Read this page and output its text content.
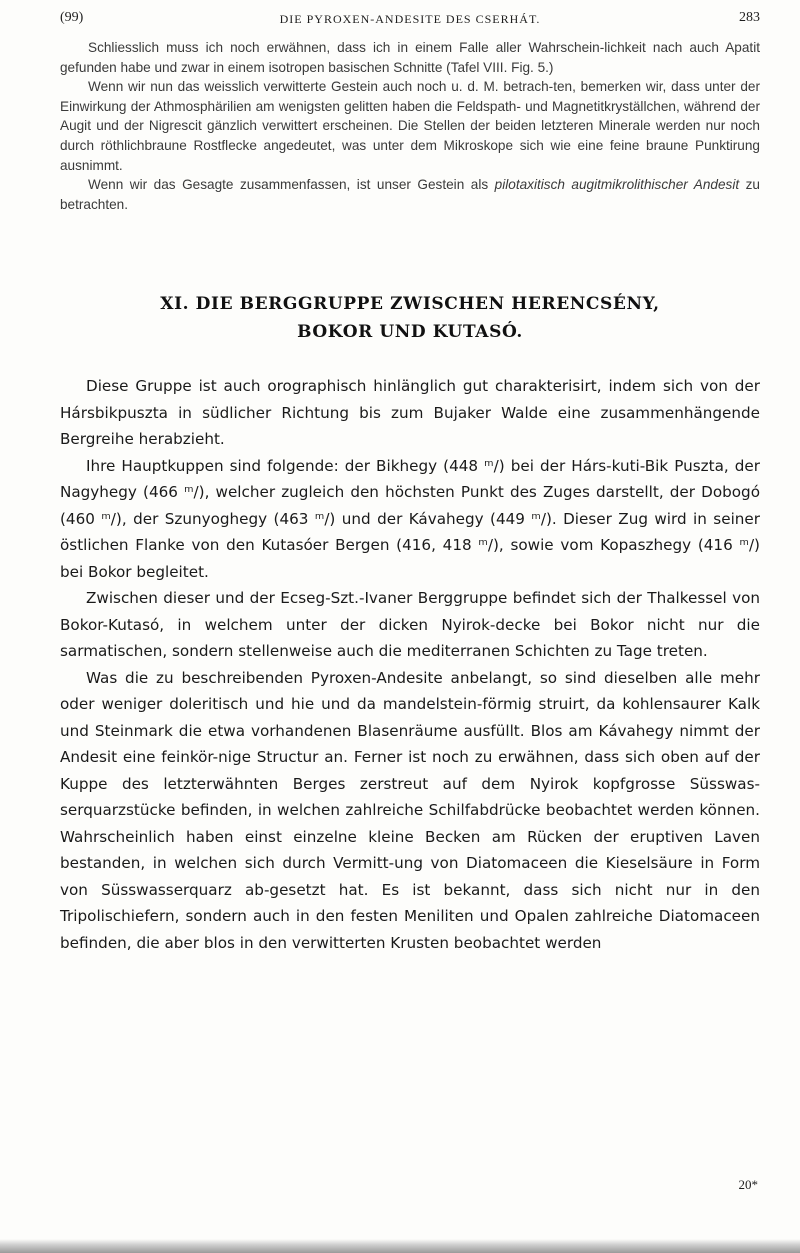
(99)	DIE PYROXEN-ANDESITE DES CSERHÁT.	283

Schliesslich muss ich noch erwähnen, dass ich in einem Falle aller Wahrschein-lichkeit nach auch Apatit gefunden habe und zwar in einem isotropen basischen Schnitte (Tafel VIII. Fig. 5.)

Wenn wir nun das weisslich verwitterte Gestein auch noch u. d. M. betrach-ten, bemerken wir, dass unter der Einwirkung der Athmosphärilien am wenigsten gelitten haben die Feldspath- und Magnetitkryställchen, während der Augit und der Nigrescit gänzlich verwittert erscheinen. Die Stellen der beiden letzteren Minerale werden nur noch durch röthlichbraune Rostflecke angedeutet, was unter dem Mikroskope sich wie eine feine braune Punktirung ausnimmt.

Wenn wir das Gesagte zusammenfassen, ist unser Gestein als pilotaxitisch augitmikrolithischer Andesit zu betrachten.

XI. DIE BERGGRUPPE ZWISCHEN HERENCSÉNY,
BOKOR UND KUTASÓ.

Diese Gruppe ist auch orographisch hinlänglich gut charakterisirt, indem sich von der Hársbikpuszta in südlicher Richtung bis zum Bujaker Walde eine zusammenhängende Bergreihe herabzieht.

Ihre Hauptkuppen sind folgende: der Bikhegy (448 ᵐ/) bei der Hárs-kuti-Bik Puszta, der Nagyhegy (466 ᵐ/), welcher zugleich den höchsten Punkt des Zuges darstellt, der Dobogó (460 ᵐ/), der Szunyoghegy (463 ᵐ/) und der Kávahegy (449 ᵐ/). Dieser Zug wird in seiner östlichen Flanke von den Kutasóer Bergen (416, 418 ᵐ/), sowie vom Kopaszhegy (416 ᵐ/) bei Bokor begleitet.

Zwischen dieser und der Ecseg-Szt.-Ivaner Berggruppe befindet sich der Thalkessel von Bokor-Kutasó, in welchem unter der dicken Nyirok-decke bei Bokor nicht nur die sarmatischen, sondern stellenweise auch die mediterranen Schichten zu Tage treten.

Was die zu beschreibenden Pyroxen-Andesite anbelangt, so sind dieselben alle mehr oder weniger doleritisch und hie und da mandelstein-förmig struirt, da kohlensaurer Kalk und Steinmark die etwa vorhandenen Blasenräume ausfüllt. Blos am Kávahegy nimmt der Andesit eine feinkör-nige Structur an. Ferner ist noch zu erwähnen, dass sich oben auf der Kuppe des letzterwähnten Berges zerstreut auf dem Nyirok kopfgrosse Süsswas-serquarzstücke befinden, in welchen zahlreiche Schilfabdrücke beobachtet werden können. Wahrscheinlich haben einst einzelne kleine Becken am Rücken der eruptiven Laven bestanden, in welchen sich durch Vermitt-ung von Diatomaceen die Kieselsäure in Form von Süsswasserquarz ab-gesetzt hat. Es ist bekannt, dass sich nicht nur in den Tripolischiefern, sondern auch in den festen Meniliten und Opalen zahlreiche Diatomaceen befinden, die aber blos in den verwitterten Krusten beobachtet werden

20*
